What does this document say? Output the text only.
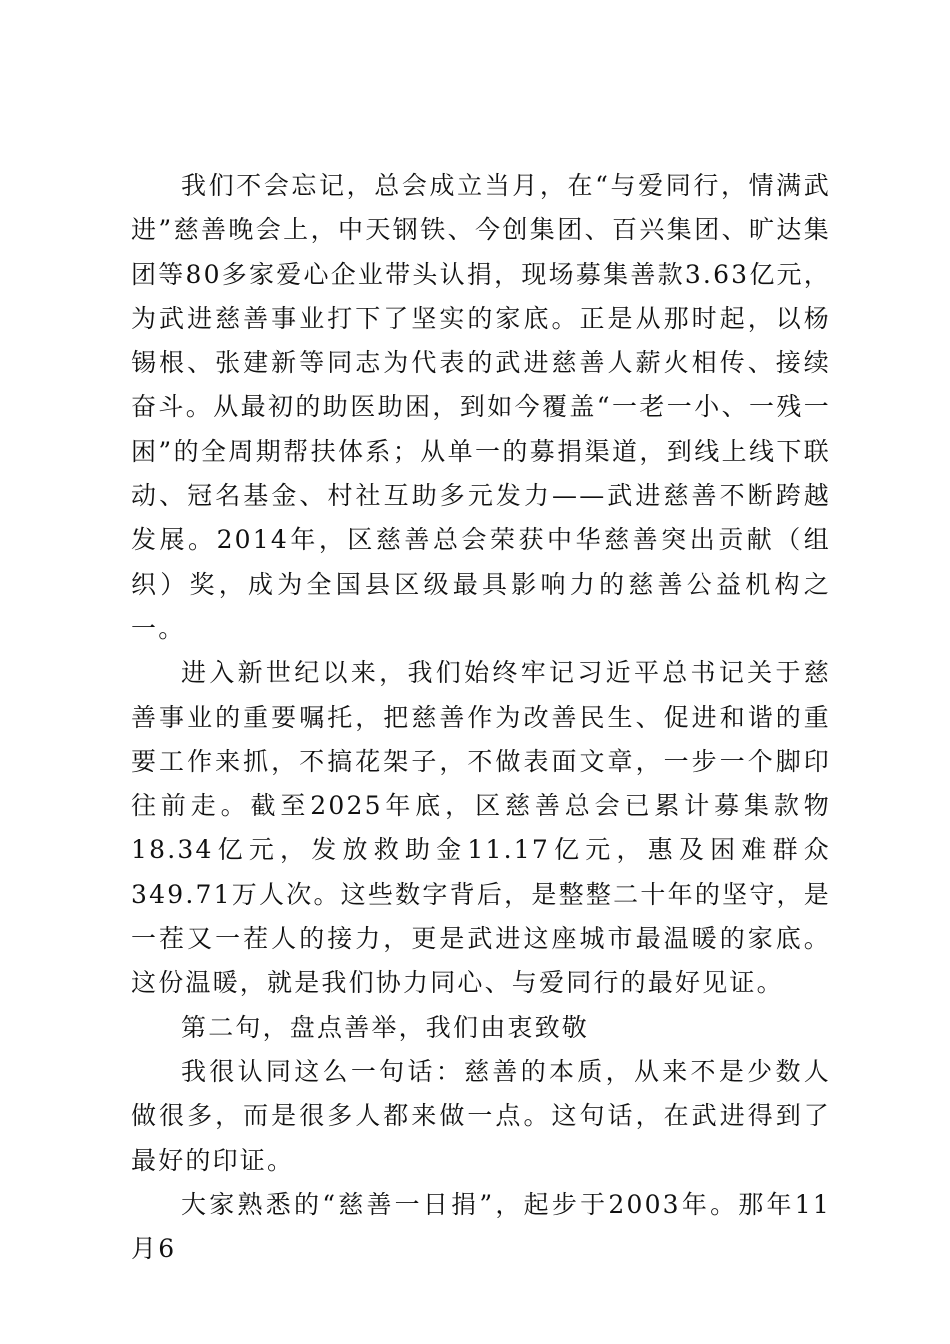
我们不会忘记，总会成立当月，在“与爱同行，情满武进”慈善晚会上，中天钢铁、今创集团、百兴集团、旷达集团等80多家爱心企业带头认捐，现场募集善款3.63亿元，为武进慈善事业打下了坚实的家底。正是从那时起，以杨锡根、张建新等同志为代表的武进慈善人薪火相传、接续奋斗。从最初的助医助困，到如今覆盖“一老一小、一残一困”的全周期帮扶体系；从单一的募捐渠道，到线上线下联动、冠名基金、村社互助多元发力——武进慈善不断跨越发展。2014年，区慈善总会荣获中华慈善突出贡献（组织）奖，成为全国县区级最具影响力的慈善公益机构之一。

进入新世纪以来，我们始终牢记习近平总书记关于慈善事业的重要嘱托，把慈善作为改善民生、促进和谐的重要工作来抓，不搞花架子，不做表面文章，一步一个脚印往前走。截至2025年底，区慈善总会已累计募集款物18.34亿元，发放救助金11.17亿元，惠及困难群众349.71万人次。这些数字背后，是整整二十年的坚守，是一茬又一茬人的接力，更是武进这座城市最温暖的家底。这份温暖，就是我们协力同心、与爱同行的最好见证。

第二句，盘点善举，我们由衷致敬

我很认同这么一句话：慈善的本质，从来不是少数人做很多，而是很多人都来做一点。这句话，在武进得到了最好的印证。

大家熟悉的“慈善一日捐”，起步于2003年。那年11月6
